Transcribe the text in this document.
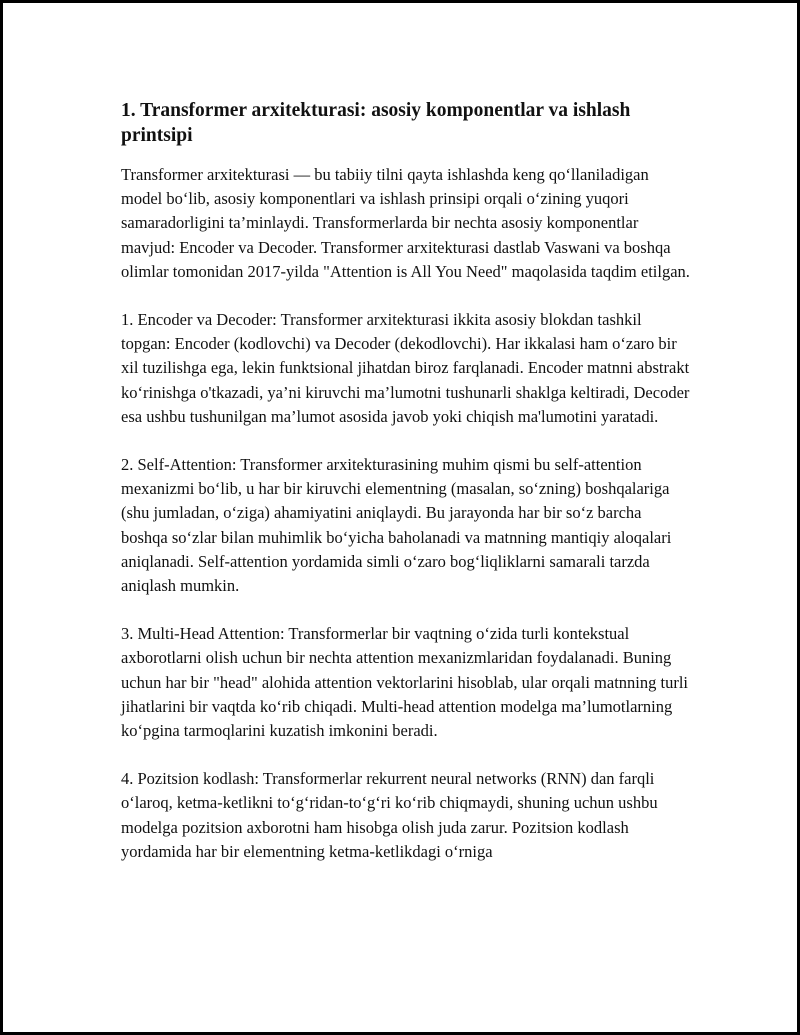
1. Transformer arxitekturasi: asosiy komponentlar va ishlash printsipi

Transformer arxitekturasi — bu tabiiy tilni qayta ishlashda keng qo‘llaniladigan model bo‘lib, asosiy komponentlari va ishlash prinsipi orqali o‘zining yuqori samaradorligini ta’minlaydi. Transformerlarda bir nechta asosiy komponentlar mavjud: Encoder va Decoder. Transformer arxitekturasi dastlab Vaswani va boshqa olimlar tomonidan 2017-yilda "Attention is All You Need" maqolasida taqdim etilgan.

1. Encoder va Decoder: Transformer arxitekturasi ikkita asosiy blokdan tashkil topgan: Encoder (kodlovchi) va Decoder (dekodlovchi). Har ikkalasi ham o‘zaro bir xil tuzilishga ega, lekin funktsional jihatdan biroz farqlanadi. Encoder matnni abstrakt ko‘rinishga o'tkazadi, ya’ni kiruvchi ma’lumotni tushunarli shaklga keltiradi, Decoder esa ushbu tushunilgan ma’lumot asosida javob yoki chiqish ma'lumotini yaratadi.

2. Self-Attention: Transformer arxitekturasining muhim qismi bu self-attention mexanizmi bo‘lib, u har bir kiruvchi elementning (masalan, so‘zning) boshqalariga (shu jumladan, o‘ziga) ahamiyatini aniqlaydi. Bu jarayonda har bir so‘z barcha boshqa so‘zlar bilan muhimlik bo‘yicha baholanadi va matnning mantiqiy aloqalari aniqlanadi. Self-attention yordamida simli o‘zaro bog‘liqliklarni samarali tarzda aniqlash mumkin.

3. Multi-Head Attention: Transformerlar bir vaqtning o‘zida turli kontekstual axborotlarni olish uchun bir nechta attention mexanizmlaridan foydalanadi. Buning uchun har bir "head" alohida attention vektorlarini hisoblab, ular orqali matnning turli jihatlarini bir vaqtda ko‘rib chiqadi. Multi-head attention modelga ma’lumotlarning ko‘pgina tarmoqlarini kuzatish imkonini beradi.

4. Pozitsion kodlash: Transformerlar rekurrent neural networks (RNN) dan farqli o‘laroq, ketma-ketlikni to‘g‘ridan-to‘g‘ri ko‘rib chiqmaydi, shuning uchun ushbu modelga pozitsion axborotni ham hisobga olish juda zarur. Pozitsion kodlash yordamida har bir elementning ketma-ketlikdagi o‘rniga
